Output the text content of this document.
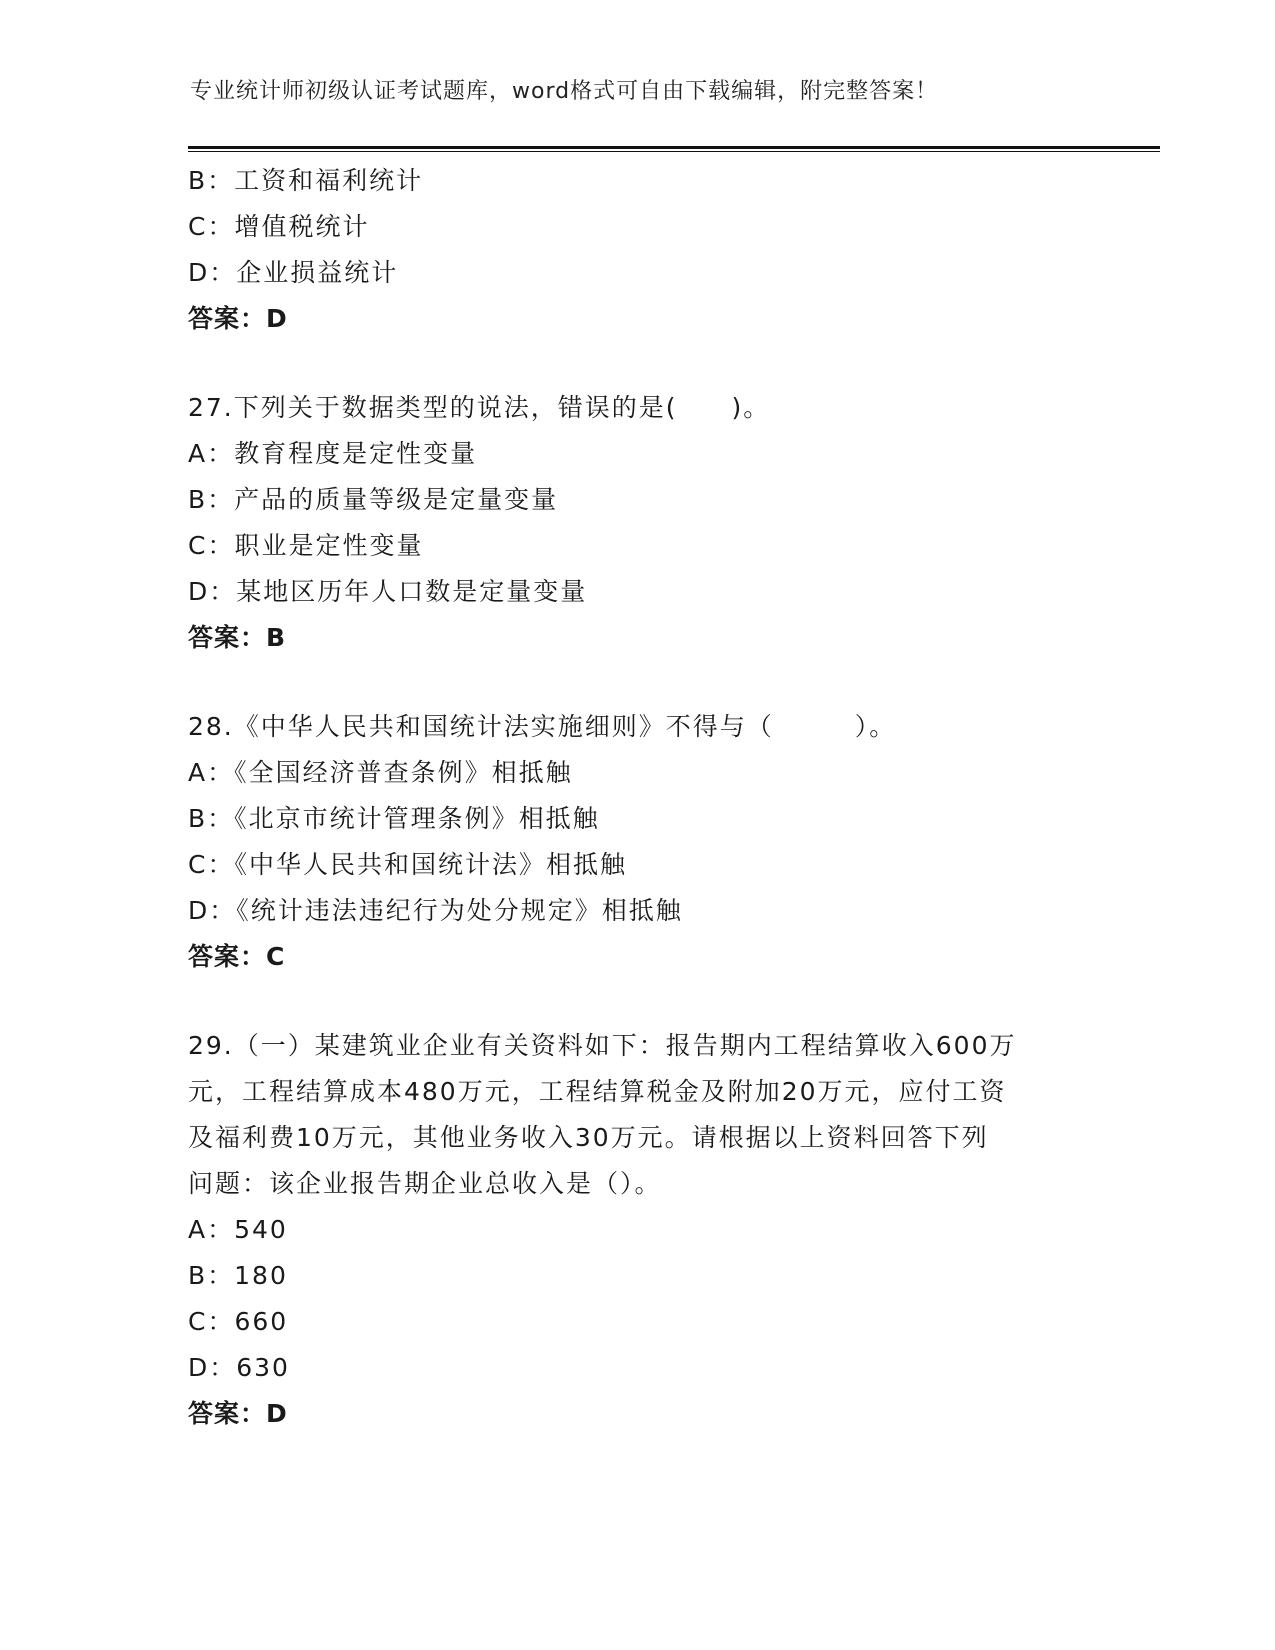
专业统计师初级认证考试题库，word格式可自由下载编辑，附完整答案！
B：工资和福利统计
C：增值税统计
D：企业损益统计
答案：D
27.下列关于数据类型的说法，错误的是(　　)。
A：教育程度是定性变量
B：产品的质量等级是定量变量
C：职业是定性变量
D：某地区历年人口数是定量变量
答案：B
28.《中华人民共和国统计法实施细则》不得与（　　　）。
A：《全国经济普查条例》相抵触
B：《北京市统计管理条例》相抵触
C：《中华人民共和国统计法》相抵触
D：《统计违法违纪行为处分规定》相抵触
答案：C
29.（一）某建筑业企业有关资料如下：报告期内工程结算收入600万
元，工程结算成本480万元，工程结算税金及附加20万元，应付工资
及福利费10万元，其他业务收入30万元。请根据以上资料回答下列
问题：该企业报告期企业总收入是（）。
A：540
B：180
C：660
D：630
答案：D
